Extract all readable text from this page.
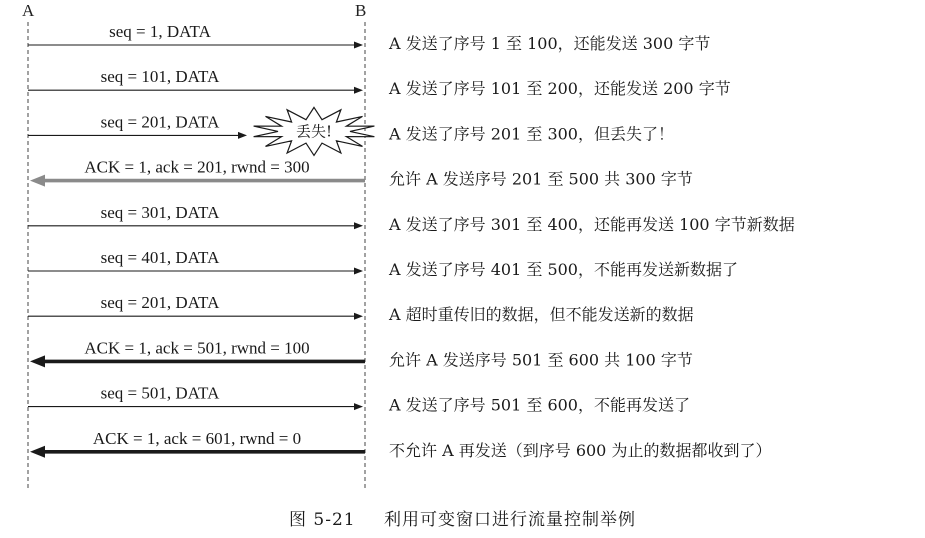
A	B
seq = 1, DATA
A 发送了序号 1 至 100，还能发送 300 字节
seq = 101, DATA
A 发送了序号 101 至 200，还能发送 200 字节
seq = 201, DATA
A 发送了序号 201 至 300，但丢失了！
丢失!
ACK = 1, ack = 201, rwnd = 300
允许 A 发送序号 201 至 500 共 300 字节
seq = 301, DATA
A 发送了序号 301 至 400，还能再发送 100 字节新数据
seq = 401, DATA
A 发送了序号 401 至 500，不能再发送新数据了
seq = 201, DATA
A 超时重传旧的数据，但不能发送新的数据
ACK = 1, ack = 501, rwnd = 100
允许 A 发送序号 501 至 600 共 100 字节
seq = 501, DATA
A 发送了序号 501 至 600，不能再发送了
ACK = 1, ack = 601, rwnd = 0
不允许 A 再发送（到序号 600 为止的数据都收到了）
图 5-21 利用可变窗口进行流量控制举例
